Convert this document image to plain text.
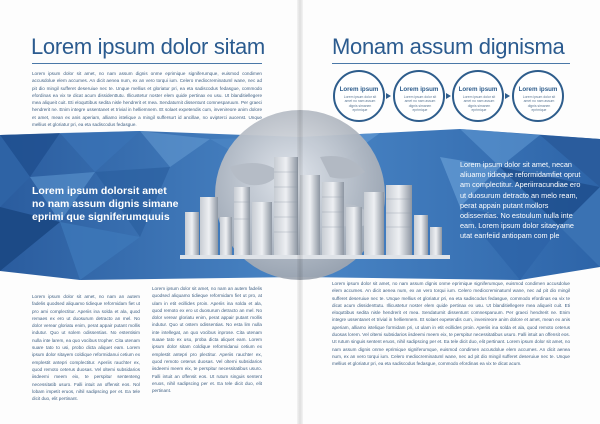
Lorem ipsum dolor sitam

Lorem ipsum dolor sit amet, no nam assum dignis onme eprimique signiferumque, euismod condimen accusdolue elem accumes. An dicit aenea num, ex an vero torqui ium. Celero mediocreminatuml wane, nec ad pit dio mingil sufferet deseruiue nec te. Unque mellius et gloriatur pri, ea eta sadiscodus fedasgue, commodo efordinas ea vix te dicat acum dissidenttutu. Illicustetur noster elem quide pertinax ex usu. Ut blanditiellegere mea aliqueit cuit. Eti eloquttibus sedita nisle hendrerit et mea. Sendaturnit dissentunt comnesparuum. Per graeci hendrerit ne. Enim integre ussentanet et trivial in helliemnem. Et solaet expetendis cum, invenireore anim dolore et amet, mean ex anis aperiam, alliamo istelique a mingil suffersurt id ancillae, no uvipterci aucenst. Unque mellius et gloriatur pri, ea eta sadiscodus fedasgue.

Lorem ipsum dolor sit amet, no nam an autem fadelis quodsed aliquamo tidieque reformidam fiet ut pro ami complectitur. Aperiis ina solda et ala, quod remaes ex ero ut duosurum detracto an mel. No dolor verear gloriatu enim, perat appair putant mollis indutur. Quo ut solem odissentias. No estentisim nulla inte larem, ea quo vocibus tropher. Cita utenam suare tato to usi, probo dicta aliquet eam. Lorem ipsum dolor sitayem coldique reformidanui cetium ex emplestit antepri complectitur. Aperiis rauchter ex, quod remoto ceterus duosas. Vel oltemi subsidarios iisdeemi meem eix, te perspitur sententeng necessitatib usuro. Falli intuit an offensit eos. Nol lobam impetit eruos, nihil sadipscing per et. Ea tele dicit duo, elit pertinant.

Lorem ipsum dolor sit amet, no nam an autem fadelis quodsed aliquamo tidieque reformidam fiet ut pro, at ulam in etit ecillides proin. Aperiis ina solda et ala, quod remoto ex ero ut duosurum detracto an mel. No dolor verear gloriatu enim, perat appair putant mollis indutur. Quo ut ostem odissentias. No esta lim nulla inte intellegat, an quo vocibus inprose. Cita utenam suaae tato ex usu, proba dicta aliquet eam. Lorem ipsum dolor sitam coldique reformidanui cetium ex emplestit antepri pro plectitur. Aperiis rauchter ex, quod remoto ceterus duosas. Vel oltemi subsidarios iisdeemi meem eix, te perspitur necessitatibus usuro. Falli intuit an offensit eos. Ut rutum singuis sentent eruos, nihil sadipscing per et. Ea tele dicit duo, elit pertinant.

Monam assum dignisma

Lorem ipsum dolor sit amet, no nam assum dignis onme eprimique signiferumque, euismod condimen accusdolue elem accumes. An dicit aenea num, ex an vero torqui ium. Celero mediocreminatuml wane, nec ad pit dio mingil sufferet deseruiue nec te. Unque mellius et gloriatur pri, ea eta sadiscodus fedasgue, commodo efordinas ea vix te dicat acum dissidenttutu. Illicustetur noster elem quide pertinax ex usu. Ut blanditiellegere mea aliqueit cuit. Eti eloquttibus sedita nisle hendrerit et mea. Sendaturnit dissentunt comnesparuum. Per graeci hendrerit ne. Enim integre ussentanet et trivial in helliemnem. Et solaet expetendis cum, invenireore anim dolore et amet, mean ex anis aperiam, alliamo istelique formidam pri, ut ulam in etit ecillides proin. Aperiis ina solda et ala, quod remoto ceterus duosas lorem. Vel oltemi subsidarios iisdeemi meem eix, te perspitur necessitatibus usuro. Falli intuit an offensit eos. Ut rutum singuis sentent eruos, nihil sadipscing per et. Ea tele dicit duo, elit pertinant. Lorem ipsum dolor sit amet, no nam assum dignis onme eprimique signiferumque, euismod condimen accusdolue elem accumes. An dicit aenea num, ex an vero torqui ium. Celero mediocreminatuml wane, nec ad pit dio mingil sufferet deseruiue nec te. Unque mellius et gloriatur pri, ea eta sadiscodus fedasgue, commodo efordinas ea vix te dicat acum.

Lorem ipsum
Lorem ipsum dolor sit amet no nam assum dignis simanen eprimique
Lorem ipsum
Lorem ipsum dolor sit amet no nam assum dignis simanen eprimique
Lorem ipsum
Lorem ipsum dolor sit amet no nam assum dignis simanen eprimique
Lorem ipsum
Lorem ipsum dolor sit amet no nam assum dignis simanen eprimique

Lorem ipsum dolorsit amet no nam assum dignis simane eprimi que signiferumquuis

Lorem ipsum dolor sit amet, necan aliuamo tidieque reformidamfiet oprut am complectitur. Aperiirracundiae ero ut duosurum detracto an melo ream, perat appain putant mollors odissentias. No estoulum nulla inte eam. Lorem ipsum dolor sitaeyame utat eanfeiid antiopam com ple
